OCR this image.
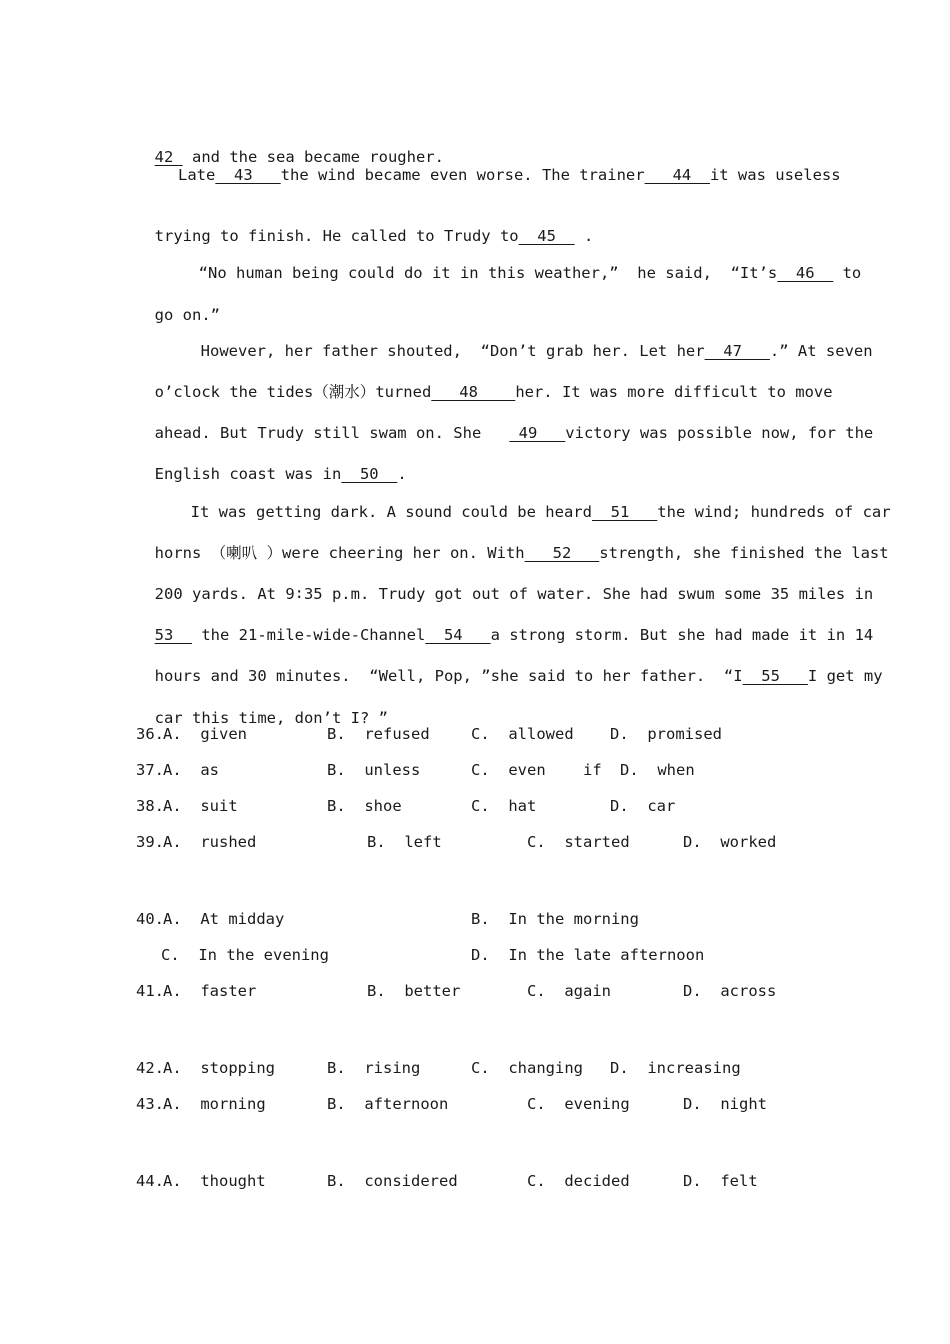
42  and the sea became rougher.

Late  43   the wind became even worse. The trainer   44  it was useless

trying to finish. He called to Trudy to  45   .

“No human being could do it in this weather,”  he said,  “It’s  46   to

go on.”

However, her father shouted,  “Don’t grab her. Let her  47   .” At seven

o’clock the tides（潮水）turned   48    her. It was more difficult to move

ahead. But Trudy still swam on. She    49   victory was possible now, for the

English coast was in  50  .

It was getting dark. A sound could be heard  51   the wind; hundreds of car

horns （喇叭 ）were cheering her on. With   52   strength, she finished the last

200 yards. At 9∶35 p.m. Trudy got out of water. She had swum some 35 miles in

53   the 21-mile-wide-Channel  54   a strong storm. But she had made it in 14

hours and 30 minutes.  “Well, Pop, ”she said to her father.  “I  55   I get my

car this time, don’t I? ”

36. A.  given	B.  refused	C.  allowed D.  promised
37. A.  as	B.  unless	C.  even    if D.  when
38. A.  suit	B.  shoe	C.  hat	D.  car
39. A.  rushed	B.  left	C.  started	D.  worked
40. A.  At midday	B.  In the morning
C.  In the evening	D.  In the late afternoon
41. A.  faster	B.  better	C.  again	D.  across
42. A.  stopping	B.  rising	C.  changing D.  increasing
43. A.  morning	B.  afternoon	C.  evening	D.  night
44. A.  thought	B.  considered	C.  decided	D.  felt
